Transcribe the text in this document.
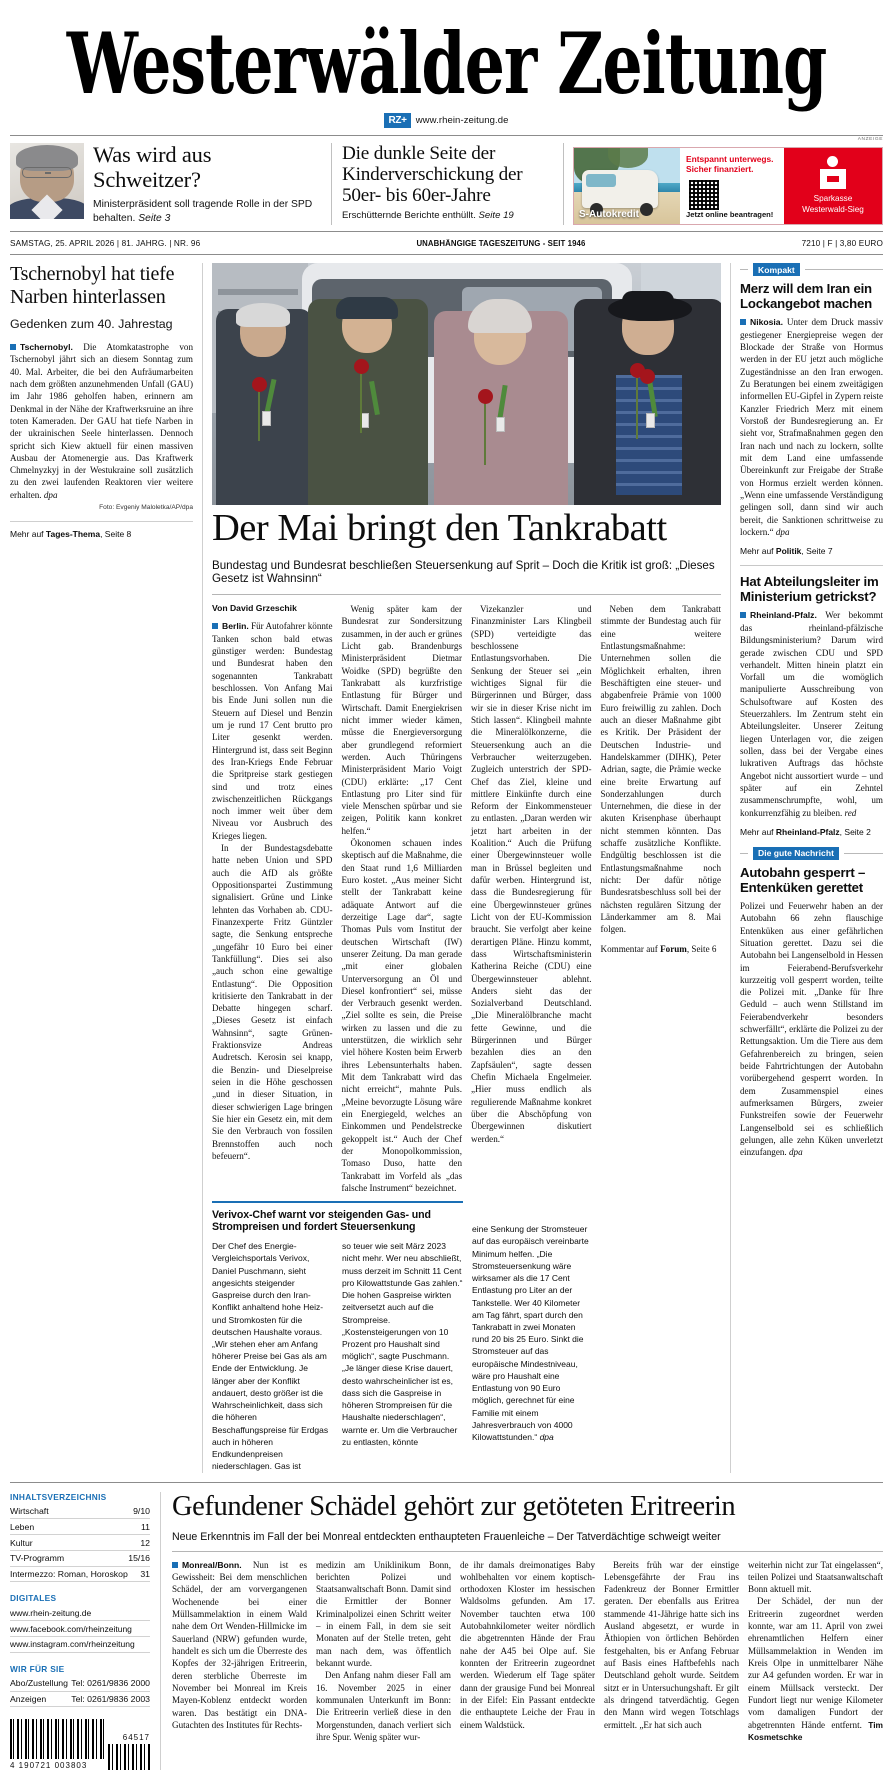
Westerwälder Zeitung
RZ+ www.rhein-zeitung.de
Was wird aus Schweitzer?
Ministerpräsident soll tragende Rolle in der SPD behalten. Seite 3
Die dunkle Seite der Kinderverschickung der 50er- bis 60er-Jahre
Erschütternde Berichte enthüllt. Seite 19
ANZEIGE
S-Autokredit
Entspannt unterwegs.
Sicher finanziert.
Jetzt online beantragen!
Sparkasse
Westerwald-Sieg
SAMSTAG, 25. APRIL 2026 | 81. JAHRG. | NR. 96	UNABHÄNGIGE TAGESZEITUNG - SEIT 1946	7210 | F | 3,80 EURO
Tschernobyl hat tiefe Narben hinterlassen
Gedenken zum 40. Jahrestag

Tschernobyl. Die Atomkatastrophe von Tschernobyl jährt sich an diesem Sonntag zum 40. Mal. Arbeiter, die bei den Aufräumarbeiten nach dem größten anzunehmenden Unfall (GAU) im Jahr 1986 geholfen haben, erinnern am Denkmal in der Nähe der Kraftwerksruine an ihre toten Kameraden. Der GAU hat tiefe Narben in der ukrainischen Seele hinterlassen. Dennoch spricht sich Kiew aktuell für einen massiven Ausbau der Atomenergie aus. Das Kraftwerk Chmelnyzkyj in der Westukraine soll zusätzlich zu den zwei laufenden Reaktoren vier weitere erhalten. dpa

Foto: Evgeniy Maloletka/AP/dpa
Mehr auf Tages-Thema, Seite 8	Der Mai bringt den Tankrabatt
Bundestag und Bundesrat beschließen Steuersenkung auf Sprit – Doch die Kritik ist groß: „Dieses Gesetz ist Wahnsinn“
Von David Grzeschik

Berlin. Für Autofahrer könnte Tanken schon bald etwas günstiger werden: Bundestag und Bundesrat haben den sogenannten Tankrabatt beschlossen. Von Anfang Mai bis Ende Juni sollen nun die Steuern auf Diesel und Benzin um je rund 17 Cent brutto pro Liter gesenkt werden. Hintergrund ist, dass seit Beginn des Iran-Kriegs Ende Februar die Spritpreise stark gestiegen sind und trotz eines zwischenzeitlichen Rückgangs noch immer weit über dem Niveau vor Ausbruch des Krieges liegen.

In der Bundestagsdebatte hatte neben Union und SPD auch die AfD als größte Oppositionspartei Zustimmung signalisiert. Grüne und Linke lehnten das Vorhaben ab. CDU-Finanzexperte Fritz Güntzler sagte, die Senkung entspreche „ungefähr 10 Euro bei einer Tankfüllung“. Dies sei also „auch schon eine gewaltige Entlastung“. Die Opposition kritisierte den Tankrabatt in der Debatte hingegen scharf. „Dieses Gesetz ist einfach Wahnsinn“, sagte Grünen-Fraktionsvize Andreas Audretsch. Kerosin sei knapp, die Benzin- und Dieselpreise seien in die Höhe geschossen „und in dieser Situation, in dieser schwierigen Lage bringen Sie hier ein Gesetz ein, mit dem Sie den Verbrauch von fossilen Brennstoffen auch noch befeuern“.

Wenig später kam der Bundesrat zur Sondersitzung zusammen, in der auch er grünes Licht gab. Brandenburgs Ministerpräsident Dietmar Woidke (SPD) begrüßte den Tankrabatt als kurzfristige Entlastung für Bürger und Wirtschaft. Damit Energiekrisen nicht immer wieder kämen, müsse die Energieversorgung aber grundlegend reformiert werden. Auch Thüringens Ministerpräsident Mario Voigt (CDU) erklärte: „17 Cent Entlastung pro Liter sind für viele Menschen spürbar und sie zeigen, Politik kann konkret helfen.“

Ökonomen schauen indes skeptisch auf die Maßnahme, die den Staat rund 1,6 Milliarden Euro kostet. „Aus meiner Sicht stellt der Tankrabatt keine adäquate Antwort auf die derzeitige Lage dar“, sagte Thomas Puls vom Institut der deutschen Wirtschaft (IW) unserer Zeitung. Da man gerade „mit einer globalen Unterversorgung an Öl und Diesel konfrontiert“ sei, müsse der Verbrauch gesenkt werden. „Ziel sollte es sein, die Preise wirken zu lassen und die zu unterstützen, die wirklich sehr viel höhere Kosten beim Erwerb ihres Lebensunterhalts haben. Mit dem Tankrabatt wird das nicht erreicht“, mahnte Puls. „Meine bevorzugte Lösung wäre ein Energiegeld, welches an Einkommen und Pendelstrecke gekoppelt ist.“ Auch der Chef der Monopolkommission, Tomaso Duso, hatte den Tankrabatt im Vorfeld als „das falsche Instrument“ bezeichnet.

Vizekanzler und Finanzminister Lars Klingbeil (SPD) verteidigte das beschlossene Entlastungsvorhaben. Die Senkung der Steuer sei „ein wichtiges Signal für die Bürgerinnen und Bürger, dass wir sie in dieser Krise nicht im Stich lassen“. Klingbeil mahnte die Mineralölkonzerne, die Steuersenkung auch an die Verbraucher weiterzugeben. Zugleich unterstrich der SPD-Chef das Ziel, kleine und mittlere Einkünfte durch eine Reform der Einkommensteuer zu entlasten. „Daran werden wir jetzt hart arbeiten in der Koalition.“ Auch die Prüfung einer Übergewinnsteuer wolle man in Brüssel begleiten und dafür werben. Hintergrund ist, dass die Bundesregierung für eine Übergewinnsteuer grünes Licht von der EU-Kommission braucht. Sie verfolgt aber keine derartigen Pläne. Hinzu kommt, dass Wirtschaftsministerin Katherina Reiche (CDU) eine Übergewinnsteuer ablehnt. Anders sieht das der Sozialverband Deutschland. „Die Mineralölbranche macht fette Gewinne, und die Bürgerinnen und Bürger bezahlen dies an den Zapfsäulen“, sagte dessen Chefin Michaela Engelmeier. „Hier muss endlich als regulierende Maßnahme konkret über die Abschöpfung von Übergewinnen diskutiert werden.“

Neben dem Tankrabatt stimmte der Bundestag auch für eine weitere Entlastungsmaßnahme: Unternehmen sollen die Möglichkeit erhalten, ihren Beschäftigten eine steuer- und abgabenfreie Prämie von 1000 Euro freiwillig zu zahlen. Doch auch an dieser Maßnahme gibt es Kritik. Der Präsident der Deutschen Industrie- und Handelskammer (DIHK), Peter Adrian, sagte, die Prämie wecke eine breite Erwartung auf Sonderzahlungen durch Unternehmen, die diese in der akuten Krisenphase überhaupt nicht stemmen könnten. Das schaffe zusätzliche Konflikte. Endgültig beschlossen ist die Entlastungsmaßnahme noch nicht: Der dafür nötige Bundesratsbeschluss soll bei der nächsten regulären Sitzung der Länderkammer am 8. Mai folgen.

Kommentar auf Forum, Seite 6

Verivox-Chef warnt vor steigenden Gas- und Strompreisen und fordert Steuersenkung

Der Chef des Energie-Vergleichsportals Verivox, Daniel Puschmann, sieht angesichts steigender Gaspreise durch den Iran-Konflikt anhaltend hohe Heiz- und Stromkosten für die deutschen Haushalte voraus. „Wir stehen eher am Anfang höherer Preise bei Gas als am Ende der Entwicklung. Je länger aber der Konflikt andauert, desto größer ist die Wahrscheinlichkeit, dass sich die höheren Beschaffungspreise für Erdgas auch in höheren Endkundenpreisen niederschlagen. Gas ist

so teuer wie seit März 2023 nicht mehr. Wer neu abschließt, muss derzeit im Schnitt 11 Cent pro Kilowattstunde Gas zahlen.“ Die hohen Gaspreise wirkten zeitversetzt auch auf die Strompreise. „Kostensteigerungen von 10 Prozent pro Haushalt sind möglich“, sagte Puschmann. „Je länger diese Krise dauert, desto wahrscheinlicher ist es, dass sich die Gaspreise in höheren Strompreisen für die Haushalte niederschlagen“, warnte er. Um die Verbraucher zu entlasten, könnte

eine Senkung der Stromsteuer auf das europäisch vereinbarte Minimum helfen. „Die Stromsteuersenkung wäre wirksamer als die 17 Cent Entlastung pro Liter an der Tankstelle. Wer 40 Kilometer am Tag fährt, spart durch den Tankrabatt in zwei Monaten rund 20 bis 25 Euro. Sinkt die Stromsteuer auf das europäische Mindestniveau, wäre pro Haushalt eine Entlastung von 90 Euro möglich, gerechnet für eine Familie mit einem Jahresverbrauch von 4000 Kilowattstunden.“ dpa

Kompakt
Merz will dem Iran ein Lockangebot machen

Nikosia. Unter dem Druck massiv gestiegener Energiepreise wegen der Blockade der Straße von Hormus werden in der EU jetzt auch mögliche Zugeständnisse an den Iran erwogen. Zu Beratungen bei einem zweitägigen informellen EU-Gipfel in Zypern reiste Kanzler Friedrich Merz mit einem Vorstoß der Bundesregierung an. Er sieht vor, Strafmaßnahmen gegen den Iran nach und nach zu lockern, sollte mit dem Land eine umfassende Übereinkunft zur Freigabe der Straße von Hormus erzielt werden können. „Wenn eine umfassende Verständigung gelingen soll, dann sind wir auch bereit, die Sanktionen schrittweise zu lockern.“ dpa

Mehr auf Politik, Seite 7
Hat Abteilungsleiter im Ministerium getrickst?

Rheinland-Pfalz. Wer bekommt das rheinland-pfälzische Bildungsministerium? Darum wird gerade zwischen CDU und SPD verhandelt. Mitten hinein platzt ein Vorfall um die womöglich manipulierte Ausschreibung von Schulsoftware auf Kosten des Steuerzahlers. Im Zentrum steht ein Abteilungsleiter. Unserer Zeitung liegen Unterlagen vor, die zeigen sollen, dass bei der Vergabe eines lukrativen Auftrags das höchste Angebot nicht aussortiert wurde – und später auf ein Zehntel zusammenschrumpfte, wohl, um konkurrenzfähig zu bleiben. red

Mehr auf Rheinland-Pfalz, Seite 2
Die gute Nachricht
Autobahn gesperrt – Entenküken gerettet

Polizei und Feuerwehr haben an der Autobahn 66 zehn flauschige Entenküken aus einer gefährlichen Situation gerettet. Dazu sei die Autobahn bei Langenselbold in Hessen im Feierabend-Berufsverkehr kurzzeitig voll gesperrt worden, teilte die Polizei mit. „Danke für Ihre Geduld – auch wenn Stillstand im Feierabendverkehr besonders schwerfällt“, erklärte die Polizei zu der Rettungsaktion. Um die Tiere aus dem Gefahrenbereich zu bringen, seien beide Fahrtrichtungen der Autobahn vorübergehend gesperrt worden. In dem Zusammenspiel eines aufmerksamen Bürgers, zweier Funkstreifen sowie der Feuerwehr Langenselbold sei es schließlich gelungen, alle zehn Küken unverletzt einzufangen. dpa

INHALTSVERZEICHNIS
Wirtschaft	9/10
Leben	11
Kultur	12
TV-Programm	15/16
Intermezzo: Roman, Horoskop 31
DIGITALES
www.rhein-zeitung.de
www.facebook.com/rheinzeitung
www.instagram.com/rheinzeitung
WIR FÜR SIE
Abo/Zustellung Tel: 0261/9836 2000
Anzeigen	Tel: 0261/9836 2003
4 190721 003803
64517
Gefundener Schädel gehört zur getöteten Eritreerin
Neue Erkenntnis im Fall der bei Monreal entdeckten enthaupteten Frauenleiche – Der Tatverdächtige schweigt weiter

Monreal/Bonn. Nun ist es Gewissheit: Bei dem menschlichen Schädel, der am vorvergangenen Wochenende bei einer Müllsammelaktion in einem Wald nahe dem Ort Wenden-Hillmicke im Sauerland (NRW) gefunden wurde, handelt es sich um die Überreste des Kopfes der 32-jährigen Eritreerin, deren sterbliche Überreste im November bei Monreal im Kreis Mayen-Koblenz entdeckt worden waren. Das bestätigt ein DNA-Gutachten des Institutes für Rechts-

medizin am Uniklinikum Bonn, berichten Polizei und Staatsanwaltschaft Bonn. Damit sind die Ermittler der Bonner Kriminalpolizei einen Schritt weiter – in einem Fall, in dem sie seit Monaten auf der Stelle treten, geht man nach dem, was öffentlich bekannt wurde.

Den Anfang nahm dieser Fall am 16. November 2025 in einer kommunalen Unterkunft im Bonn: Die Eritreerin verließ diese in den Morgenstunden, danach verliert sich ihre Spur. Wenig später wur-

de ihr damals dreimonatiges Baby wohlbehalten vor einem koptisch-orthodoxen Kloster im hessischen Waldsolms gefunden. Am 17. November tauchten etwa 100 Autobahnkilometer weiter nördlich die abgetrennten Hände der Frau nahe der A45 bei Olpe auf. Sie konnten der Eritreerin zugeordnet werden. Wiederum elf Tage später dann der grausige Fund bei Monreal in der Eifel: Ein Passant entdeckte die enthauptete Leiche der Frau in einem Waldstück.

Bereits früh war der einstige Lebensgefährte der Frau ins Fadenkreuz der Bonner Ermittler geraten. Der ebenfalls aus Eritrea stammende 41-Jährige hatte sich ins Ausland abgesetzt, er wurde in Äthiopien von örtlichen Behörden festgehalten, bis er Anfang Februar auf Basis eines Haftbefehls nach Deutschland geholt wurde. Seitdem sitzt er in Untersuchungshaft. Er gilt als dringend tatverdächtig. Gegen den Mann wird wegen Totschlags ermittelt. „Er hat sich auch

weiterhin nicht zur Tat eingelassen“, teilen Polizei und Staatsanwaltschaft Bonn aktuell mit.

Der Schädel, der nun der Eritreerin zugeordnet werden konnte, war am 11. April von zwei ehrenamtlichen Helfern einer Müllsammelaktion in Wenden im Kreis Olpe in unmittelbarer Nähe zur A4 gefunden worden. Er war in einem Müllsack versteckt. Der Fundort liegt nur wenige Kilometer vom damaligen Fundort der abgetrennten Hände entfernt. Tim Kosmetschke
